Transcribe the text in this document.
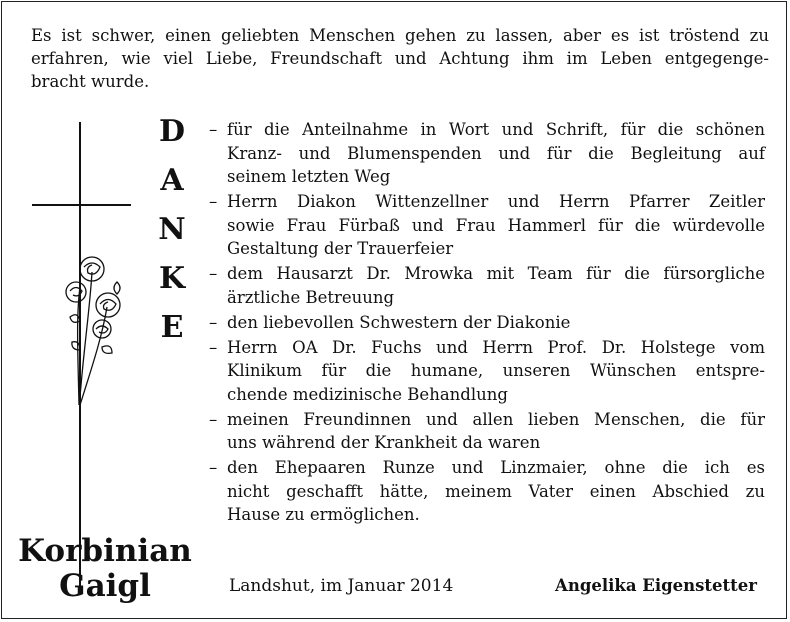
Es ist schwer, einen geliebten Menschen gehen zu lassen, aber es ist tröstend zu
erfahren, wie viel Liebe, Freundschaft und Achtung ihm im Leben entgegenge-
bracht wurde.
D
A
N
K
E
– für die Anteilnahme in Wort und Schrift, für die schönen
Kranz- und Blumenspenden und für die Begleitung auf
seinem letzten Weg
– Herrn Diakon Wittenzellner und Herrn Pfarrer Zeitler
sowie Frau Fürbaß und Frau Hammerl für die würdevolle
Gestaltung der Trauerfeier
– dem Hausarzt Dr. Mrowka mit Team für die fürsorgliche
ärztliche Betreuung
– den liebevollen Schwestern der Diakonie
– Herrn OA Dr. Fuchs und Herrn Prof. Dr. Holstege vom
Klinikum für die humane, unseren Wünschen entspre-
chende medizinische Behandlung
– meinen Freundinnen und allen lieben Menschen, die für
uns während der Krankheit da waren
– den Ehepaaren Runze und Linzmaier, ohne die ich es
nicht geschafft hätte, meinem Vater einen Abschied zu
Hause zu ermöglichen.
Korbinian
Gaigl	Landshut, im Januar 2014	Angelika Eigenstetter
